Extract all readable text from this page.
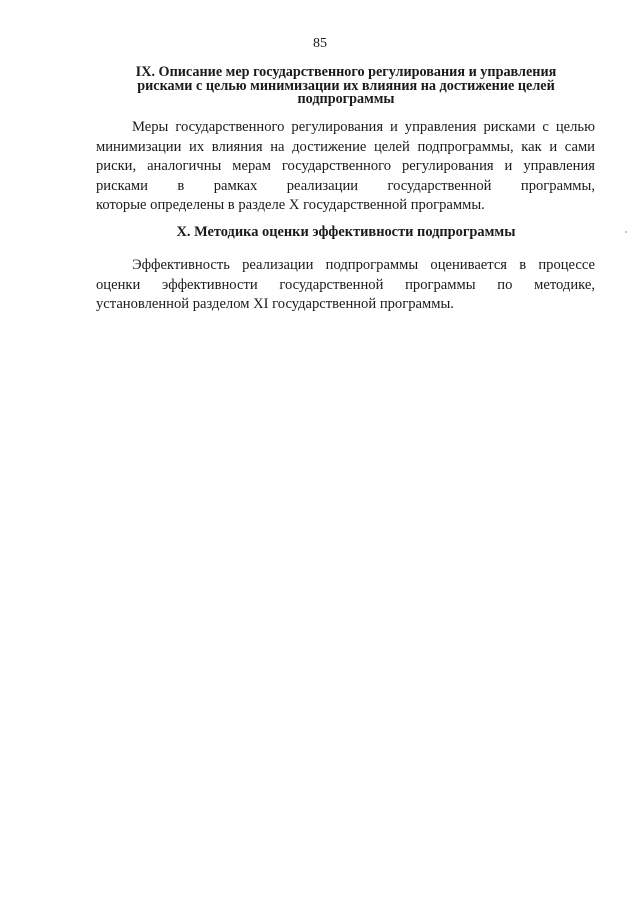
85
IX. Описание мер государственного регулирования и управления
рисками с целью минимизации их влияния на достижение целей
подпрограммы
Меры государственного регулирования и управления рисками с целью
минимизации их влияния на достижение целей подпрограммы, как и сами
риски, аналогичны мерам государственного регулирования и управления
рисками в рамках реализации государственной программы,
которые определены в разделе X государственной программы.
X. Методика оценки эффективности подпрограммы
Эффективность реализации подпрограммы оценивается в процессе
оценки эффективности государственной программы по методике,
установленной разделом XI государственной программы.
